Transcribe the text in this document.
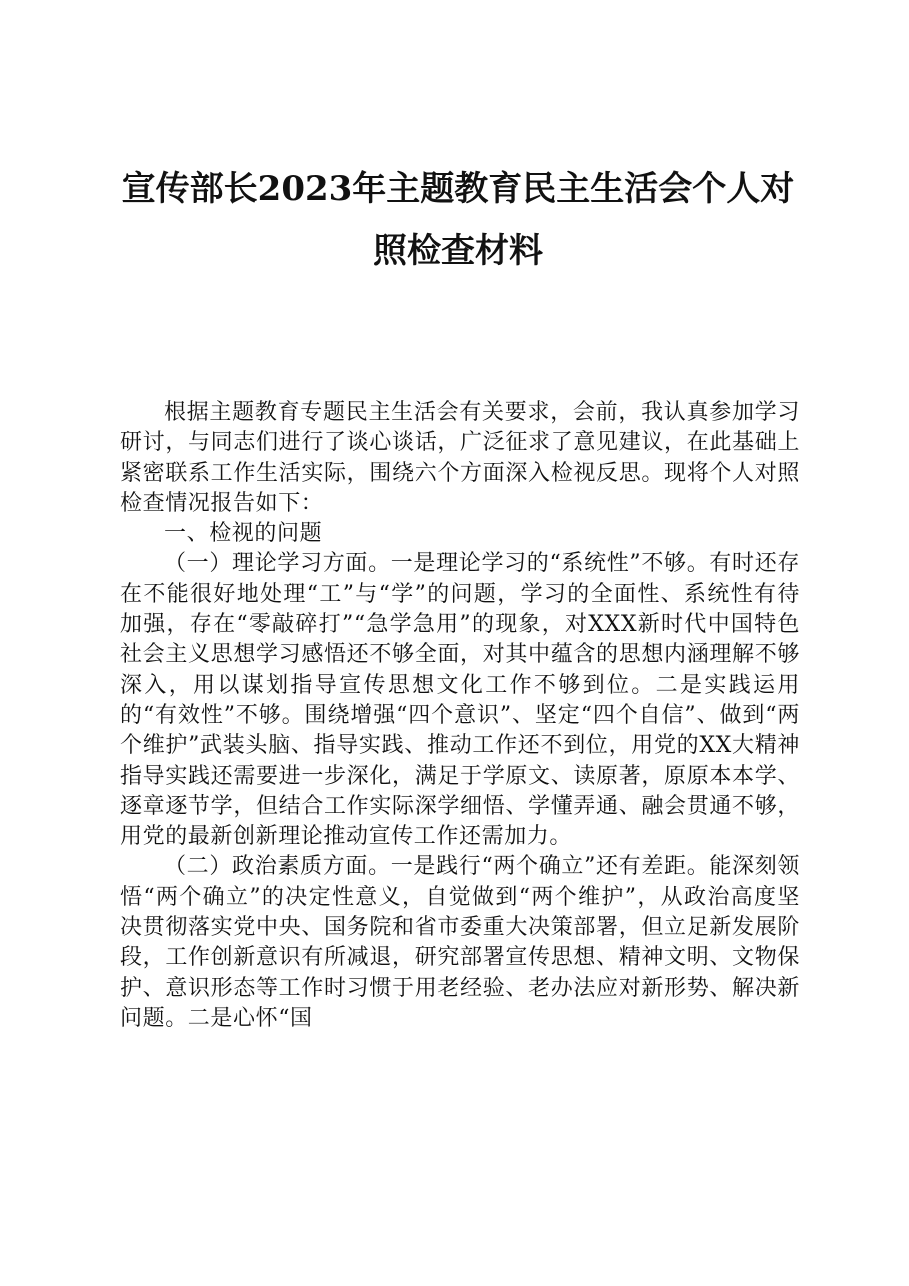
宣传部长2023年主题教育民主生活会个人对
照检查材料

根据主题教育专题民主生活会有关要求，会前，我认真参加学习研讨，与同志们进行了谈心谈话，广泛征求了意见建议，在此基础上紧密联系工作生活实际，围绕六个方面深入检视反思。现将个人对照检查情况报告如下：

一、检视的问题

（一）理论学习方面。一是理论学习的“系统性”不够。有时还存在不能很好地处理“工”与“学”的问题，学习的全面性、系统性有待加强，存在“零敲碎打”“急学急用”的现象，对XXX新时代中国特色社会主义思想学习感悟还不够全面，对其中蕴含的思想内涵理解不够深入，用以谋划指导宣传思想文化工作不够到位。二是实践运用的“有效性”不够。围绕增强“四个意识”、坚定“四个自信”、做到“两个维护”武装头脑、指导实践、推动工作还不到位，用党的XX大精神指导实践还需要进一步深化，满足于学原文、读原著，原原本本学、逐章逐节学，但结合工作实际深学细悟、学懂弄通、融会贯通不够，用党的最新创新理论推动宣传工作还需加力。

（二）政治素质方面。一是践行“两个确立”还有差距。能深刻领悟“两个确立”的决定性意义，自觉做到“两个维护”，从政治高度坚决贯彻落实党中央、国务院和省市委重大决策部署，但立足新发展阶段，工作创新意识有所减退，研究部署宣传思想、精神文明、文物保护、意识形态等工作时习惯于用老经验、老办法应对新形势、解决新问题。二是心怀“国
